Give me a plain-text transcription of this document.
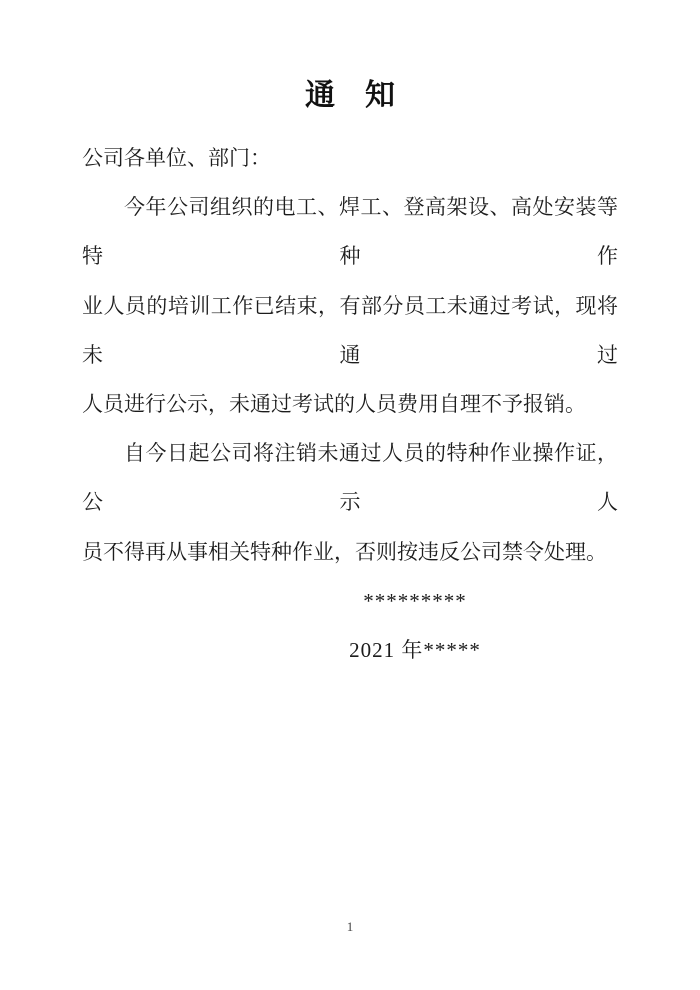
通　知
公司各单位、部门：
今年公司组织的电工、焊工、登高架设、高处安装等特种作
业人员的培训工作已结束，有部分员工未通过考试，现将未通过
人员进行公示，未通过考试的人员费用自理不予报销。
自今日起公司将注销未通过人员的特种作业操作证，公示人
员不得再从事相关特种作业，否则按违反公司禁令处理。
*********
2021 年*****
1
